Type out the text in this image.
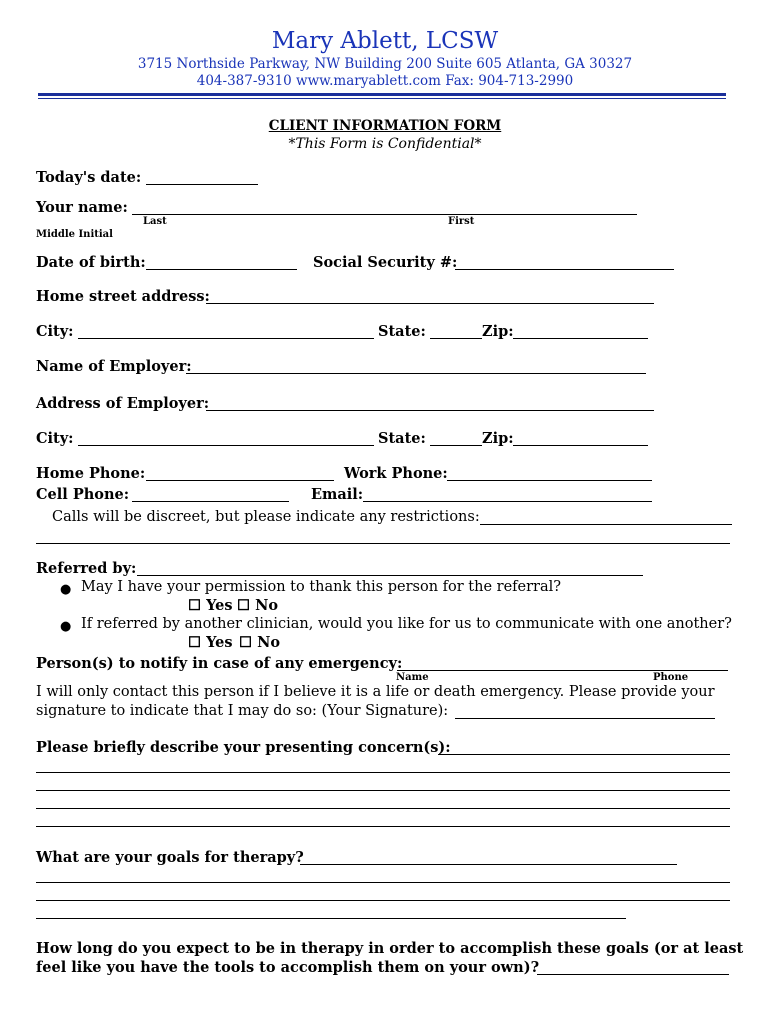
Mary Ablett, LCSW
3715 Northside Parkway, NW Building 200 Suite 605 Atlanta, GA 30327
404-387-9310 www.maryablett.com Fax: 904-713-2990
CLIENT INFORMATION FORM
*This Form is Confidential*
Today's date:
Your name:
Last	First
Middle Initial
Date of birth:	Social Security #:
Home street address:
City:	State:	Zip:
Name of Employer:
Address of Employer:
City:	State:	Zip:
Home Phone:	Work Phone:
Cell Phone:	Email:
Calls will be discreet, but please indicate any restrictions:
Referred by:
● May I have your permission to thank this person for the referral?
☐ Yes ☐ No
● If referred by another clinician, would you like for us to communicate with one another?
☐ Yes ☐ No
Person(s) to notify in case of any emergency:
Name	Phone
I will only contact this person if I believe it is a life or death emergency. Please provide your
signature to indicate that I may do so: (Your Signature):
Please briefly describe your presenting concern(s):
What are your goals for therapy?
How long do you expect to be in therapy in order to accomplish these goals (or at least
feel like you have the tools to accomplish them on your own)?
